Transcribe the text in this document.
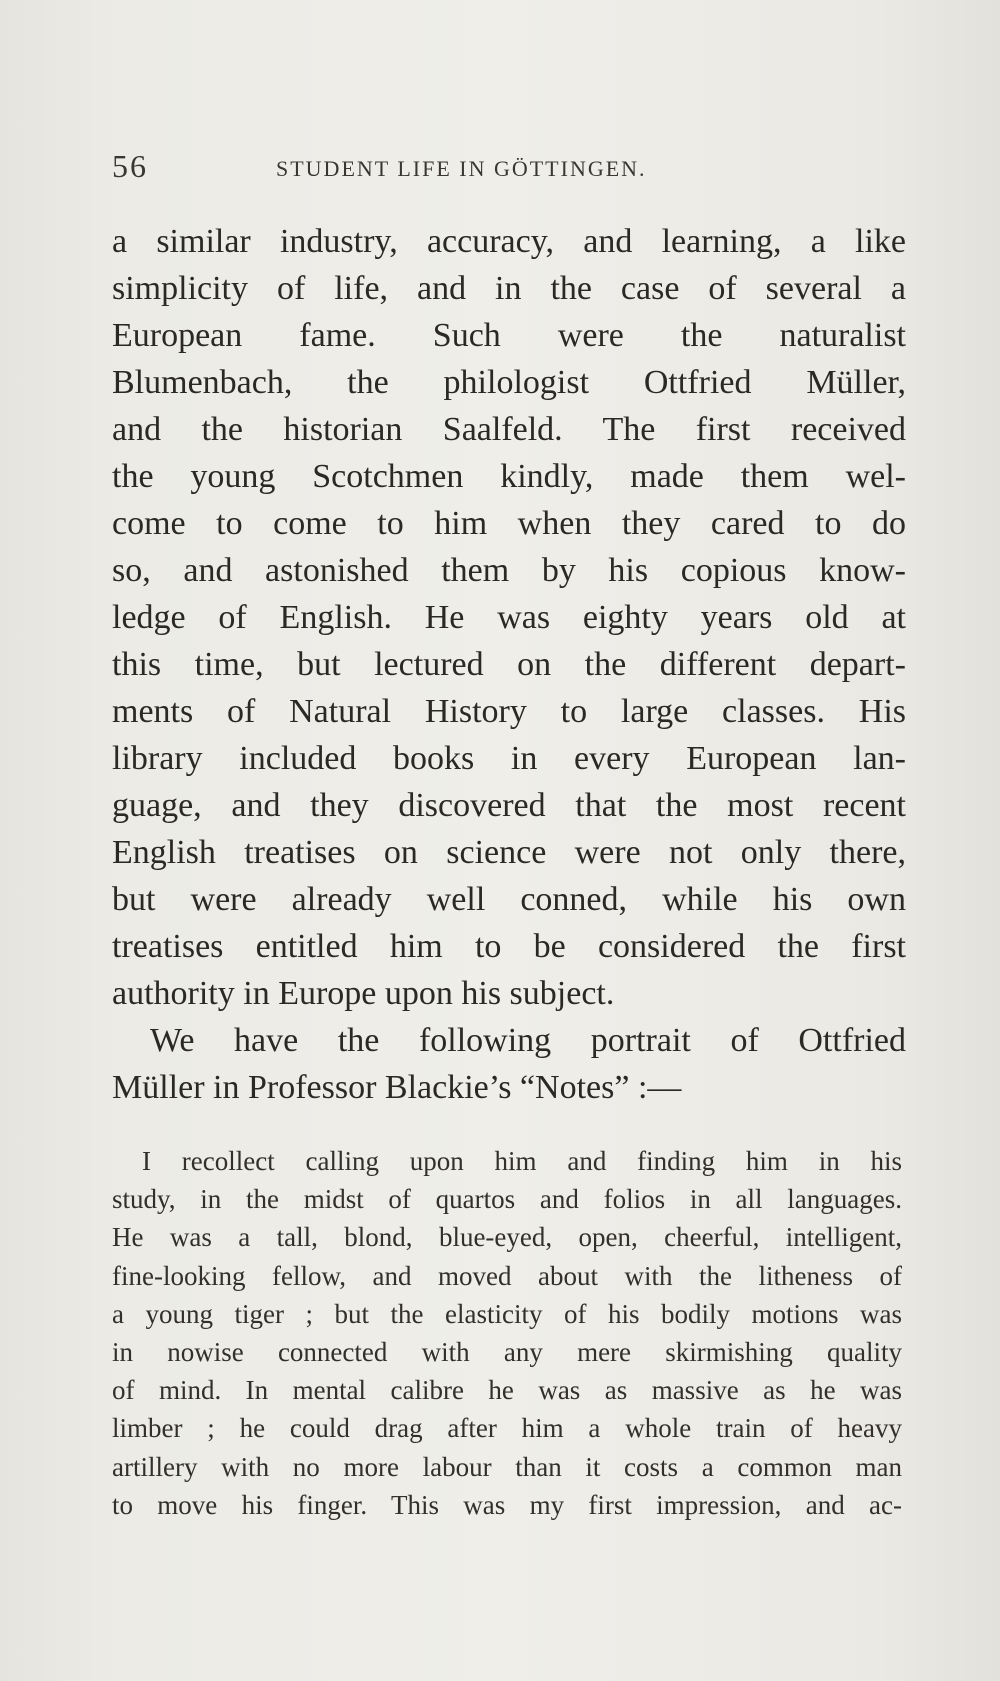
56	STUDENT LIFE IN GÖTTINGEN.
a similar industry, accuracy, and learning, a like
simplicity of life, and in the case of several a
European fame. Such were the naturalist
Blumenbach, the philologist Ottfried Müller,
and the historian Saalfeld. The first received
the young Scotchmen kindly, made them wel-
come to come to him when they cared to do
so, and astonished them by his copious know-
ledge of English. He was eighty years old at
this time, but lectured on the different depart-
ments of Natural History to large classes. His
library included books in every European lan-
guage, and they discovered that the most recent
English treatises on science were not only there,
but were already well conned, while his own
treatises entitled him to be considered the first
authority in Europe upon his subject.
We have the following portrait of Ottfried
Müller in Professor Blackie’s “Notes” :—
I recollect calling upon him and finding him in his
study, in the midst of quartos and folios in all languages.
He was a tall, blond, blue-eyed, open, cheerful, intelligent,
fine-looking fellow, and moved about with the litheness of
a young tiger ; but the elasticity of his bodily motions was
in nowise connected with any mere skirmishing quality
of mind. In mental calibre he was as massive as he was
limber ; he could drag after him a whole train of heavy
artillery with no more labour than it costs a common man
to move his finger. This was my first impression, and ac-
